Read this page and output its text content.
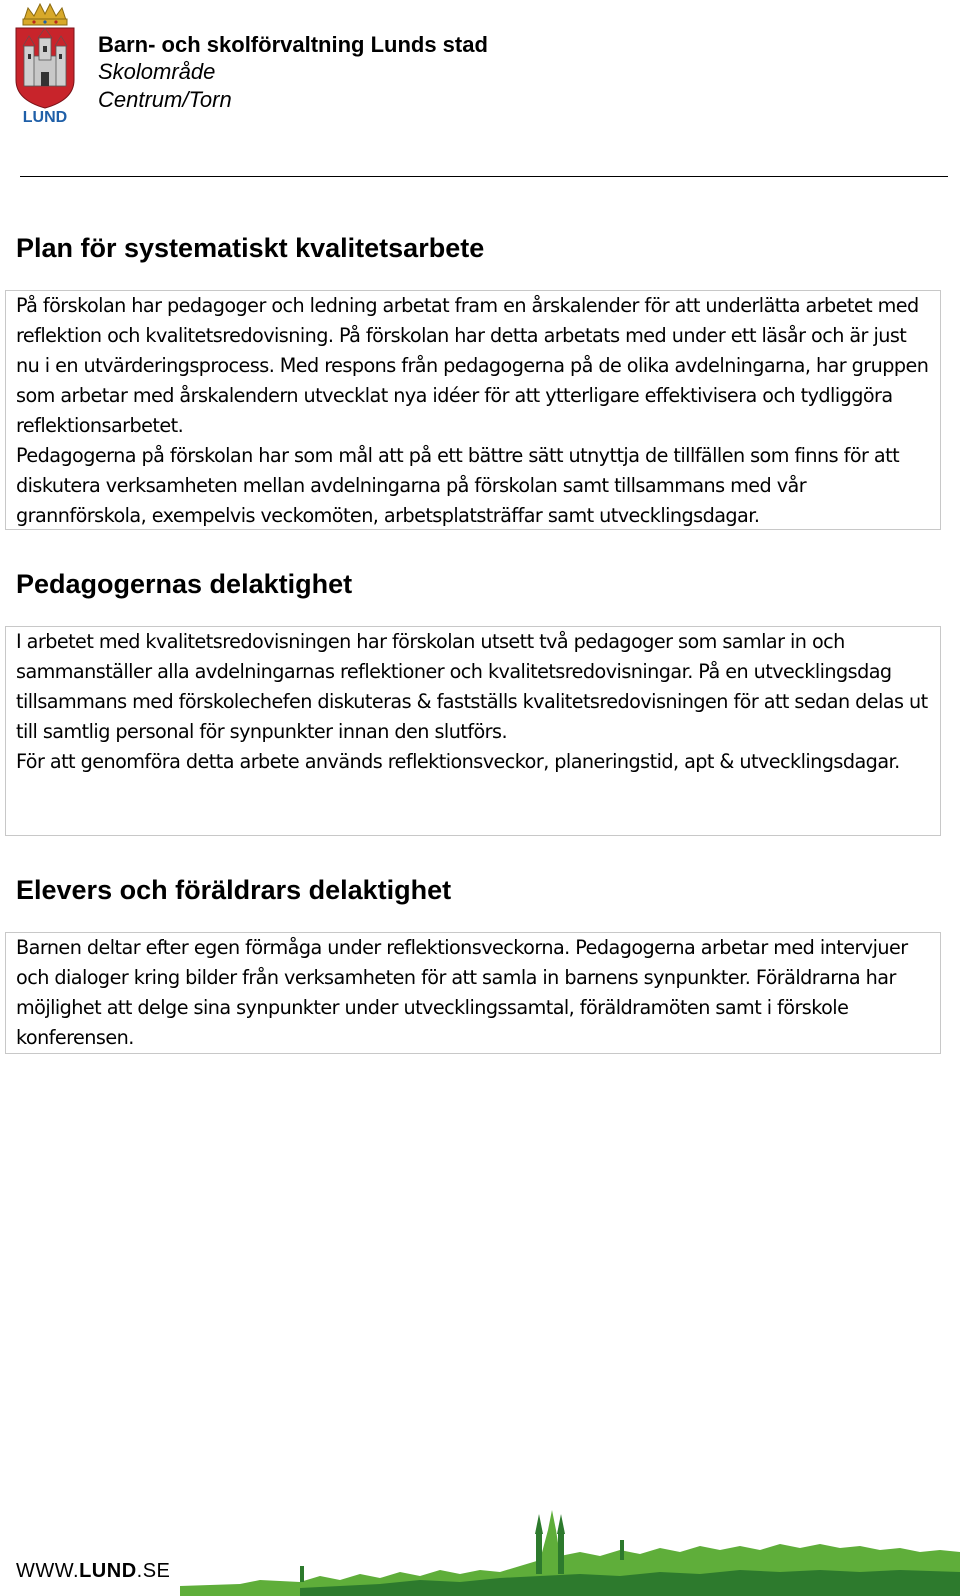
LUND
Barn- och skolförvaltning Lunds stad
Skolområde
Centrum/Torn
Plan för systematiskt kvalitetsarbete

På förskolan har pedagoger och ledning arbetat fram en årskalender för att underlätta arbetet med reflektion och kvalitetsredovisning. På förskolan har detta arbetats med under ett läsår och är just nu i en utvärderingsprocess. Med respons från pedagogerna på de olika avdelningarna, har gruppen som arbetar med årskalendern utvecklat nya idéer för att ytterligare effektivisera och tydliggöra reflektionsarbetet.

Pedagogerna på förskolan har som mål att på ett bättre sätt utnyttja de tillfällen som finns för att diskutera verksamheten mellan avdelningarna på förskolan samt tillsammans med vår grannförskola, exempelvis veckomöten, arbetsplatsträffar samt utvecklingsdagar.

Pedagogernas delaktighet

I arbetet med kvalitetsredovisningen har förskolan utsett två pedagoger som samlar in och sammanställer alla avdelningarnas reflektioner och kvalitetsredovisningar. På en utvecklingsdag tillsammans med förskolechefen diskuteras & fastställs kvalitetsredovisningen för att sedan delas ut till samtlig personal för synpunkter innan den slutförs.

För att genomföra detta arbete används reflektionsveckor, planeringstid, apt & utvecklingsdagar.

Elevers och föräldrars delaktighet

Barnen deltar efter egen förmåga under reflektionsveckorna. Pedagogerna arbetar med intervjuer och dialoger kring bilder från verksamheten för att samla in barnens synpunkter. Föräldrarna har möjlighet att delge sina synpunkter under utvecklingssamtal, föräldramöten samt i förskole konferensen.

WWW.LUND.SE
